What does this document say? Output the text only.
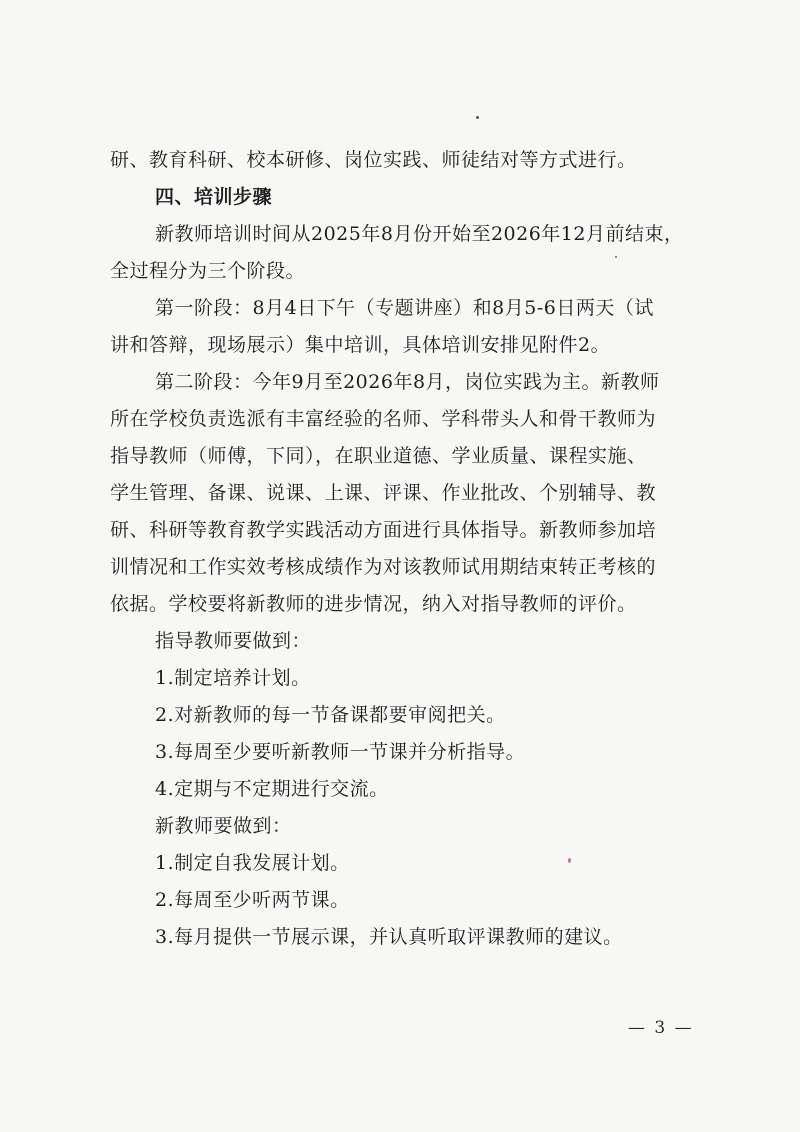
研、教育科研、校本研修、岗位实践、师徒结对等方式进行。
四、培训步骤
新教师培训时间从2025年8月份开始至2026年12月前结束，
全过程分为三个阶段。
第一阶段：8月4日下午（专题讲座）和8月5-6日两天（试
讲和答辩，现场展示）集中培训，具体培训安排见附件2。
第二阶段：今年9月至2026年8月，岗位实践为主。新教师
所在学校负责选派有丰富经验的名师、学科带头人和骨干教师为
指导教师（师傅，下同），在职业道德、学业质量、课程实施、
学生管理、备课、说课、上课、评课、作业批改、个别辅导、教
研、科研等教育教学实践活动方面进行具体指导。新教师参加培
训情况和工作实效考核成绩作为对该教师试用期结束转正考核的
依据。学校要将新教师的进步情况，纳入对指导教师的评价。
指导教师要做到：
1.制定培养计划。
2.对新教师的每一节备课都要审阅把关。
3.每周至少要听新教师一节课并分析指导。
4.定期与不定期进行交流。
新教师要做到：
1.制定自我发展计划。
2.每周至少听两节课。
3.每月提供一节展示课，并认真听取评课教师的建议。
— 3 —
